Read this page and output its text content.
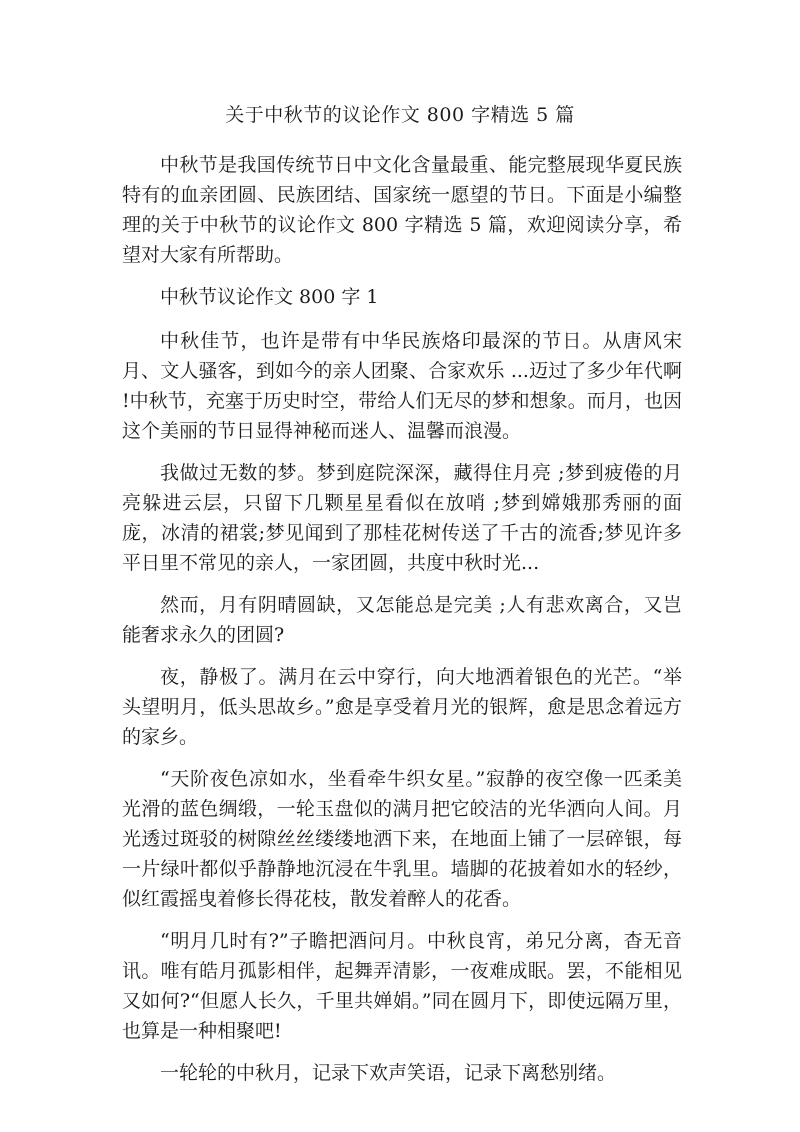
关于中秋节的议论作文 800 字精选 5 篇

中秋节是我国传统节日中文化含量最重、能完整展现华夏民族特有的血亲团圆、民族团结、国家统一愿望的节日。下面是小编整理的关于中秋节的议论作文 800 字精选 5 篇，欢迎阅读分享，希望对大家有所帮助。

中秋节议论作文 800 字 1

中秋佳节，也许是带有中华民族烙印最深的节日。从唐风宋月、文人骚客，到如今的亲人团聚、合家欢乐 ...迈过了多少年代啊 !中秋节，充塞于历史时空，带给人们无尽的梦和想象。而月，也因这个美丽的节日显得神秘而迷人、温馨而浪漫。

我做过无数的梦。梦到庭院深深，藏得住月亮 ;梦到疲倦的月亮躲进云层，只留下几颗星星看似在放哨 ;梦到嫦娥那秀丽的面庞，冰清的裙裳;梦见闻到了那桂花树传送了千古的流香;梦见许多平日里不常见的亲人，一家团圆，共度中秋时光...

然而，月有阴晴圆缺，又怎能总是完美 ;人有悲欢离合，又岂能奢求永久的团圆?

夜，静极了。满月在云中穿行，向大地洒着银色的光芒。“举头望明月，低头思故乡。”愈是享受着月光的银辉，愈是思念着远方的家乡。

“天阶夜色凉如水，坐看牵牛织女星。”寂静的夜空像一匹柔美光滑的蓝色绸缎，一轮玉盘似的满月把它皎洁的光华洒向人间。月光透过斑驳的树隙丝丝缕缕地洒下来，在地面上铺了一层碎银，每一片绿叶都似乎静静地沉浸在牛乳里。墙脚的花披着如水的轻纱，似红霞摇曳着修长得花枝，散发着醉人的花香。

“明月几时有?”子瞻把酒问月。中秋良宵，弟兄分离，杳无音讯。唯有皓月孤影相伴，起舞弄清影，一夜难成眠。罢，不能相见又如何?“但愿人长久，千里共婵娟。”同在圆月下，即使远隔万里，也算是一种相聚吧!

一轮轮的中秋月，记录下欢声笑语，记录下离愁别绪。
